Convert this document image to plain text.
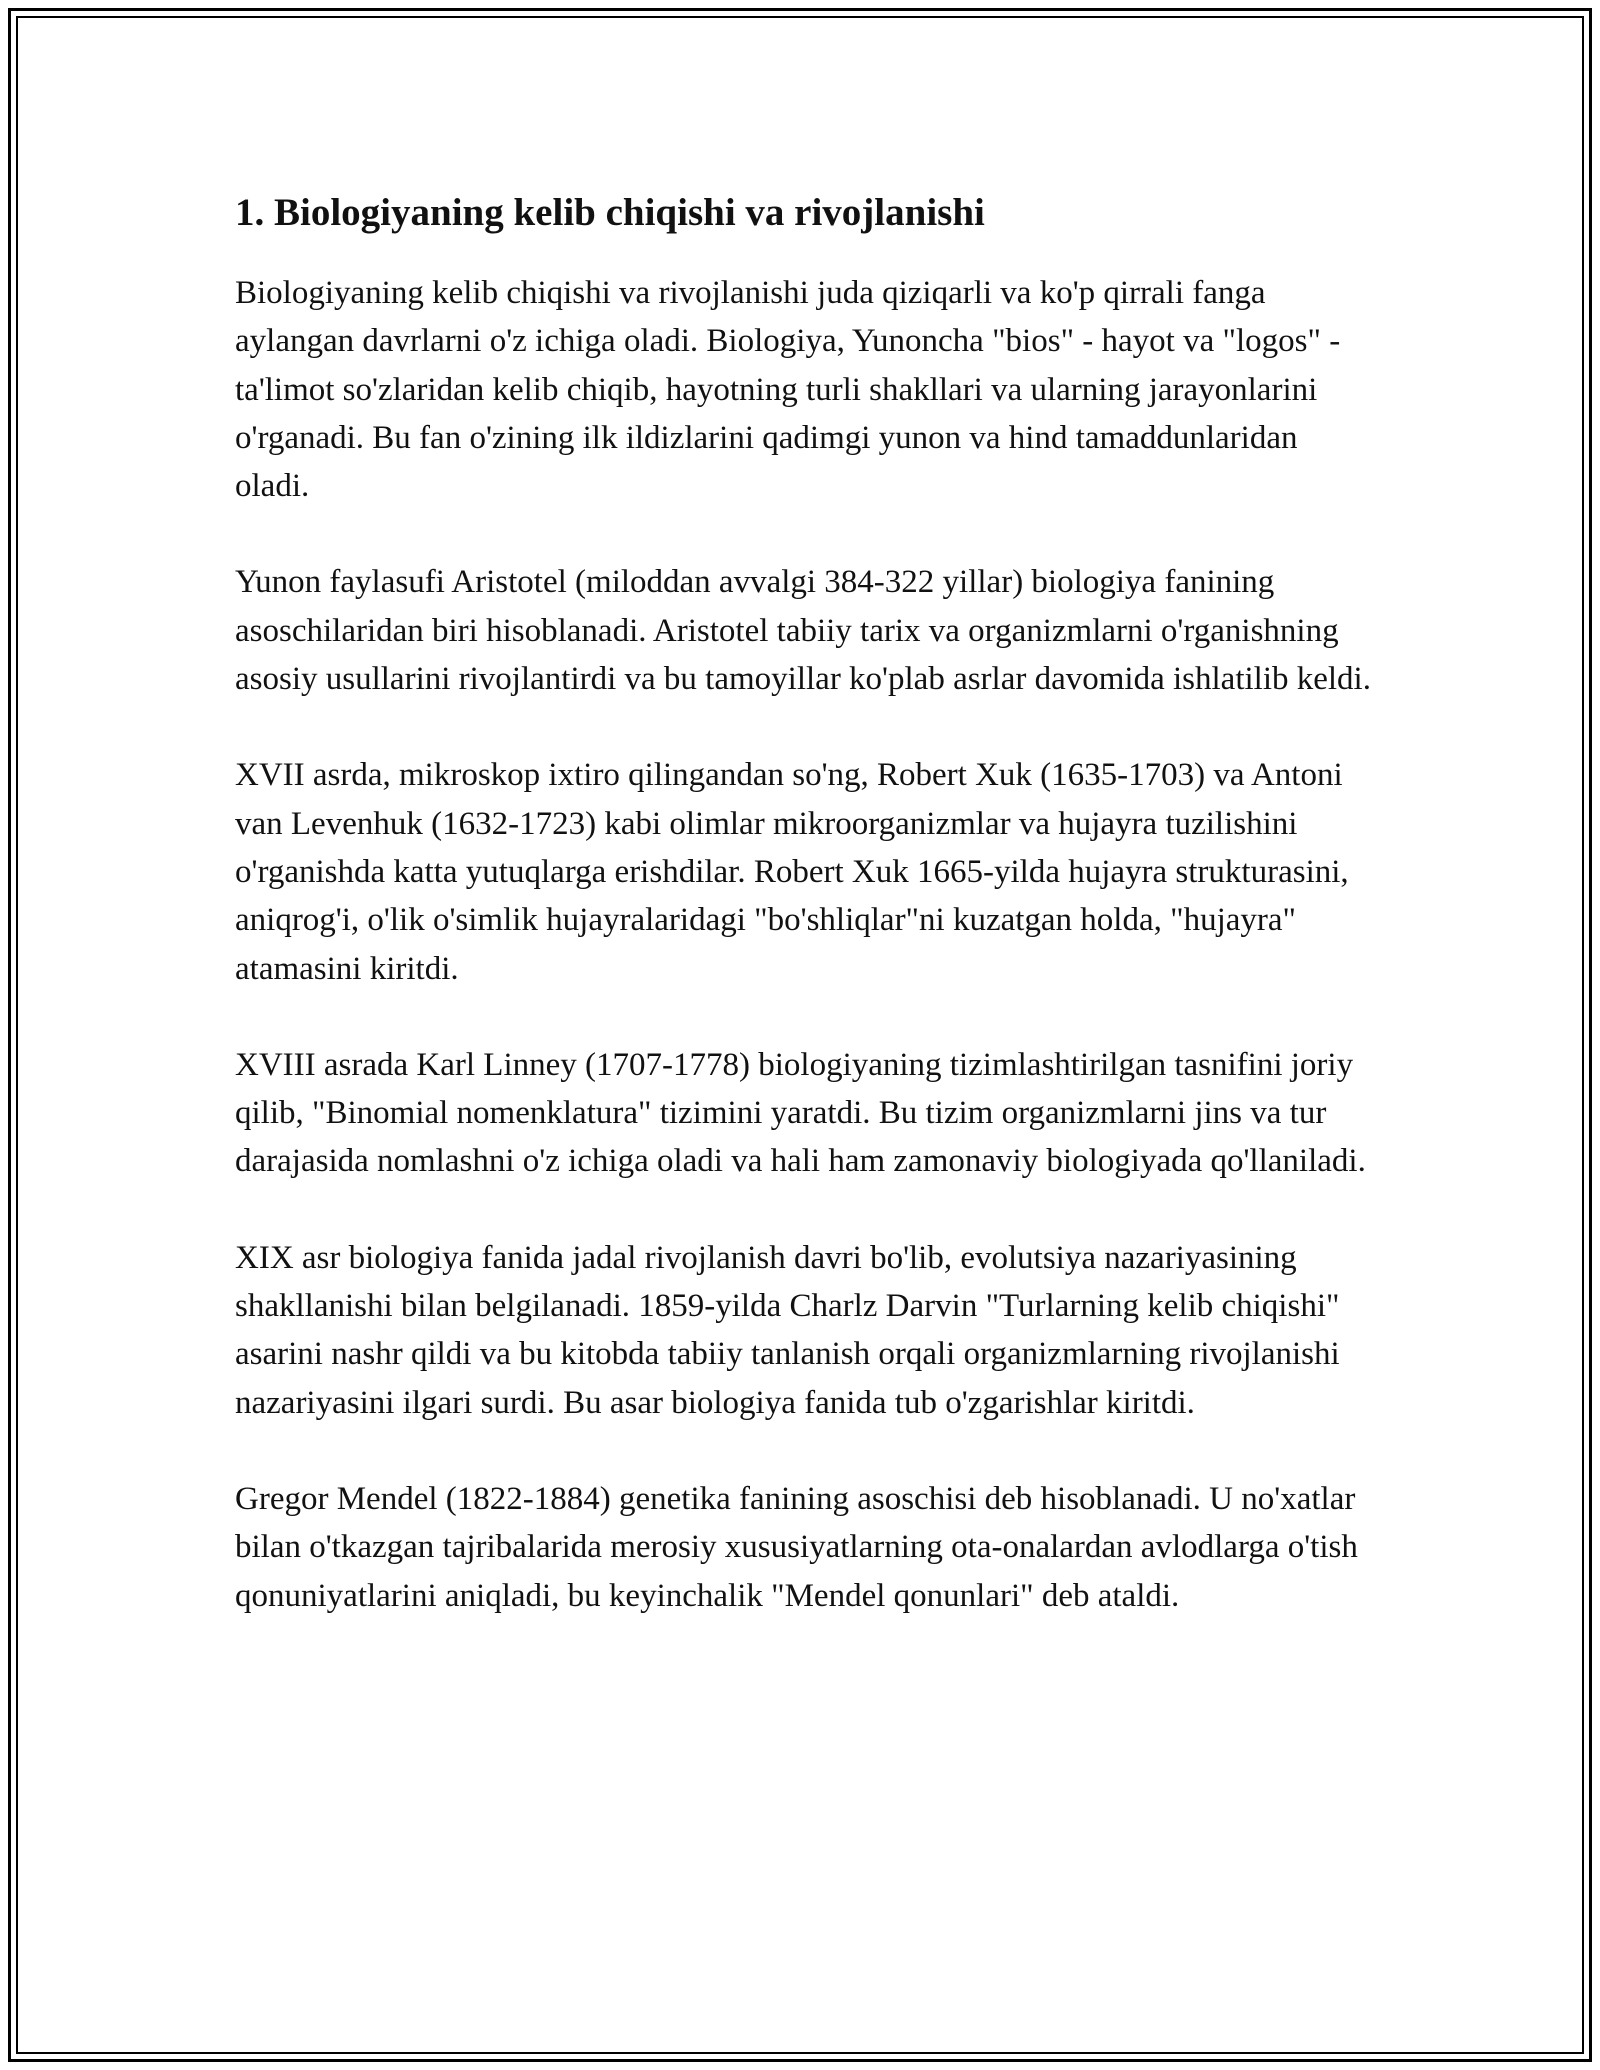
1. Biologiyaning kelib chiqishi va rivojlanishi

Biologiyaning kelib chiqishi va rivojlanishi juda qiziqarli va ko'p qirrali fanga aylangan davrlarni o'z ichiga oladi. Biologiya, Yunoncha "bios" - hayot va "logos" - ta'limot so'zlaridan kelib chiqib, hayotning turli shakllari va ularning jarayonlarini o'rganadi. Bu fan o'zining ilk ildizlarini qadimgi yunon va hind tamaddunlaridan oladi.

Yunon faylasufi Aristotel (miloddan avvalgi 384-322 yillar) biologiya fanining asoschilaridan biri hisoblanadi. Aristotel tabiiy tarix va organizmlarni o'rganishning asosiy usullarini rivojlantirdi va bu tamoyillar ko'plab asrlar davomida ishlatilib keldi.

XVII asrda, mikroskop ixtiro qilingandan so'ng, Robert Xuk (1635-1703) va Antoni van Levenhuk (1632-1723) kabi olimlar mikroorganizmlar va hujayra tuzilishini o'rganishda katta yutuqlarga erishdilar. Robert Xuk 1665-yilda hujayra strukturasini, aniqrog'i, o'lik o'simlik hujayralaridagi "bo'shliqlar"ni kuzatgan holda, "hujayra" atamasini kiritdi.

XVIII asrada Karl Linney (1707-1778) biologiyaning tizimlashtirilgan tasnifini joriy qilib, "Binomial nomenklatura" tizimini yaratdi. Bu tizim organizmlarni jins va tur darajasida nomlashni o'z ichiga oladi va hali ham zamonaviy biologiyada qo'llaniladi.

XIX asr biologiya fanida jadal rivojlanish davri bo'lib, evolutsiya nazariyasining shakllanishi bilan belgilanadi. 1859-yilda Charlz Darvin "Turlarning kelib chiqishi" asarini nashr qildi va bu kitobda tabiiy tanlanish orqali organizmlarning rivojlanishi nazariyasini ilgari surdi. Bu asar biologiya fanida tub o'zgarishlar kiritdi.

Gregor Mendel (1822-1884) genetika fanining asoschisi deb hisoblanadi. U no'xatlar bilan o'tkazgan tajribalarida merosiy xususiyatlarning ota-onalardan avlodlarga o'tish qonuniyatlarini aniqladi, bu keyinchalik "Mendel qonunlari" deb ataldi.
